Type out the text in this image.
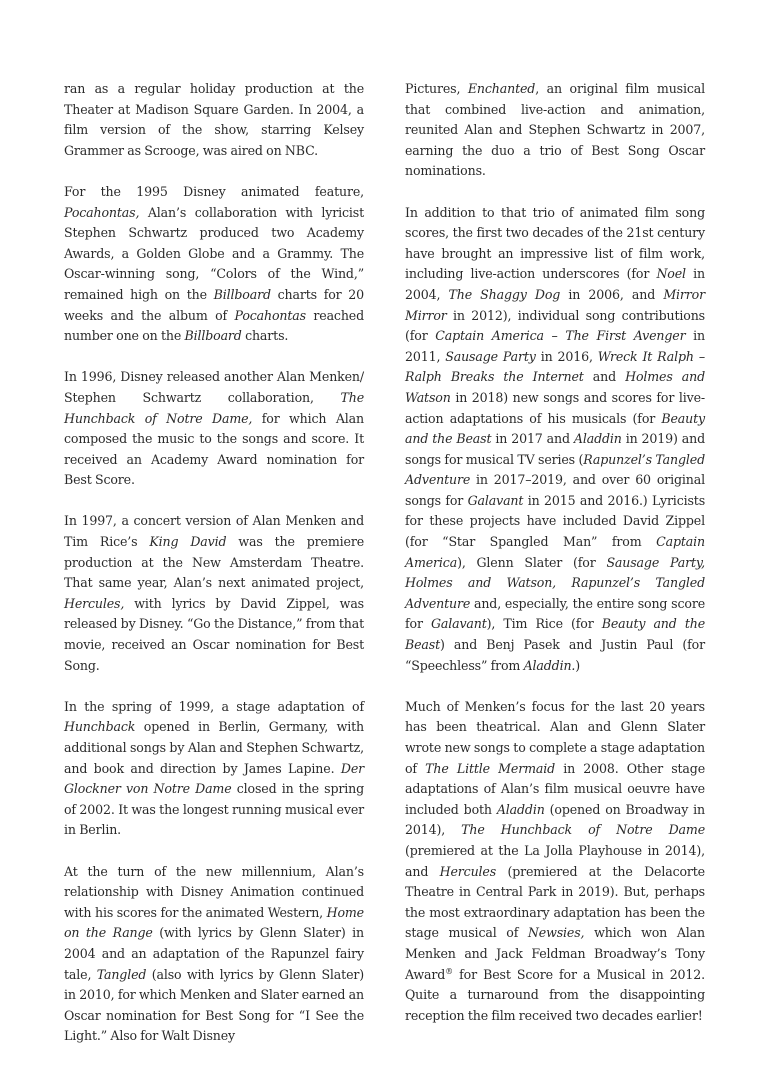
ran as a regular holiday production at the Theater at Madison Square Garden. In 2004, a film version of the show, starring Kelsey Grammer as Scrooge, was aired on NBC.

For the 1995 Disney animated feature, Pocahontas, Alan’s collaboration with lyricist Stephen Schwartz produced two Academy Awards, a Golden Globe and a Grammy. The Oscar-winning song, “Colors of the Wind,” remained high on the Billboard charts for 20 weeks and the album of Pocahontas reached number one on the Billboard charts.

In 1996, Disney released another Alan Menken/ Stephen Schwartz collaboration, The Hunchback of Notre Dame, for which Alan composed the music to the songs and score. It received an Academy Award nomination for Best Score.

In 1997, a concert version of Alan Menken and Tim Rice’s King David was the premiere production at the New Amsterdam Theatre. That same year, Alan’s next animated project, Hercules, with lyrics by David Zippel, was released by Disney. “Go the Distance,” from that movie, received an Oscar nomination for Best Song.

In the spring of 1999, a stage adaptation of Hunchback opened in Berlin, Germany, with additional songs by Alan and Stephen Schwartz, and book and direction by James Lapine. Der Glockner von Notre Dame closed in the spring of 2002. It was the longest running musical ever in Berlin.

At the turn of the new millennium, Alan’s relationship with Disney Animation continued with his scores for the animated Western, Home on the Range (with lyrics by Glenn Slater) in 2004 and an adaptation of the Rapunzel fairy tale, Tangled (also with lyrics by Glenn Slater) in 2010, for which Menken and Slater earned an Oscar nomination for Best Song for “I See the Light.” Also for Walt Disney

Pictures, Enchanted, an original film musical that combined live-action and animation, reunited Alan and Stephen Schwartz in 2007, earning the duo a trio of Best Song Oscar nominations.

In addition to that trio of animated film song scores, the first two decades of the 21st century have brought an impressive list of film work, including live-action underscores (for Noel in 2004, The Shaggy Dog in 2006, and Mirror Mirror in 2012), individual song contributions (for Captain America – The First Avenger in 2011, Sausage Party in 2016, Wreck It Ralph – Ralph Breaks the Internet and Holmes and Watson in 2018) new songs and scores for live-action adaptations of his musicals (for Beauty and the Beast in 2017 and Aladdin in 2019) and songs for musical TV series (Rapunzel’s Tangled Adventure in 2017–2019, and over 60 original songs for Galavant in 2015 and 2016.) Lyricists for these projects have included David Zippel (for “Star Spangled Man” from Captain America), Glenn Slater (for Sausage Party, Holmes and Watson, Rapunzel’s Tangled Adventure and, especially, the entire song score for Galavant), Tim Rice (for Beauty and the Beast) and Benj Pasek and Justin Paul (for “Speechless” from Aladdin.)

Much of Menken’s focus for the last 20 years has been theatrical. Alan and Glenn Slater wrote new songs to complete a stage adaptation of The Little Mermaid in 2008. Other stage adaptations of Alan’s film musical oeuvre have included both Aladdin (opened on Broadway in 2014), The Hunchback of Notre Dame (premiered at the La Jolla Playhouse in 2014), and Hercules (premiered at the Delacorte Theatre in Central Park in 2019). But, perhaps the most extraordinary adaptation has been the stage musical of Newsies, which won Alan Menken and Jack Feldman Broadway’s Tony Award® for Best Score for a Musical in 2012. Quite a turnaround from the disappointing reception the film received two decades earlier!
